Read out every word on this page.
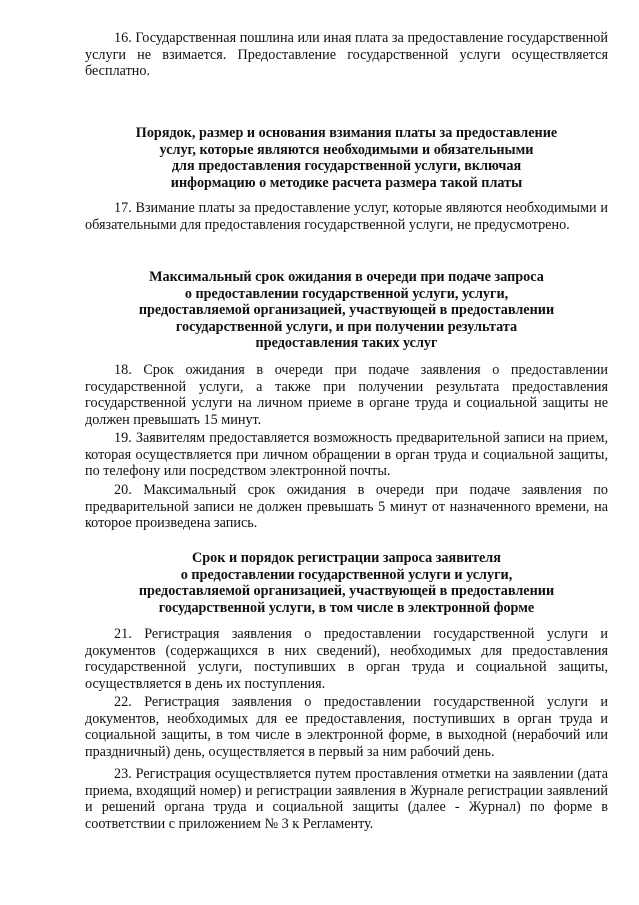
16. Государственная пошлина или иная плата за предоставление государственной услуги не взимается. Предоставление государственной услуги осуществляется бесплатно.

Порядок, размер и основания взимания платы за предоставление
услуг, которые являются необходимыми и обязательными
для предоставления государственной услуги, включая
информацию о методике расчета размера такой платы

17. Взимание платы за предоставление услуг, которые являются необходимыми и обязательными для предоставления государственной услуги, не предусмотрено.

Максимальный срок ожидания в очереди при подаче запроса
о предоставлении государственной услуги, услуги,
предоставляемой организацией, участвующей в предоставлении
государственной услуги, и при получении результата
предоставления таких услуг

18. Срок ожидания в очереди при подаче заявления о предоставлении государственной услуги, а также при получении результата предоставления государственной услуги на личном приеме в органе труда и социальной защиты не должен превышать 15 минут.

19. Заявителям предоставляется возможность предварительной записи на прием, которая осуществляется при личном обращении в орган труда и социальной защиты, по телефону или посредством электронной почты.

20. Максимальный срок ожидания в очереди при подаче заявления по предварительной записи не должен превышать 5 минут от назначенного времени, на которое произведена запись.

Срок и порядок регистрации запроса заявителя
о предоставлении государственной услуги и услуги,
предоставляемой организацией, участвующей в предоставлении
государственной услуги, в том числе в электронной форме

21. Регистрация заявления о предоставлении государственной услуги и документов (содержащихся в них сведений), необходимых для предоставления государственной услуги, поступивших в орган труда и социальной защиты, осуществляется в день их поступления.

22. Регистрация заявления о предоставлении государственной услуги и документов, необходимых для ее предоставления, поступивших в орган труда и социальной защиты, в том числе в электронной форме, в выходной (нерабочий или праздничный) день, осуществляется в первый за ним рабочий день.

23. Регистрация осуществляется путем проставления отметки на заявлении (дата приема, входящий номер) и регистрации заявления в Журнале регистрации заявлений и решений органа труда и социальной защиты (далее - Журнал) по форме в соответствии с приложением № 3 к Регламенту.
